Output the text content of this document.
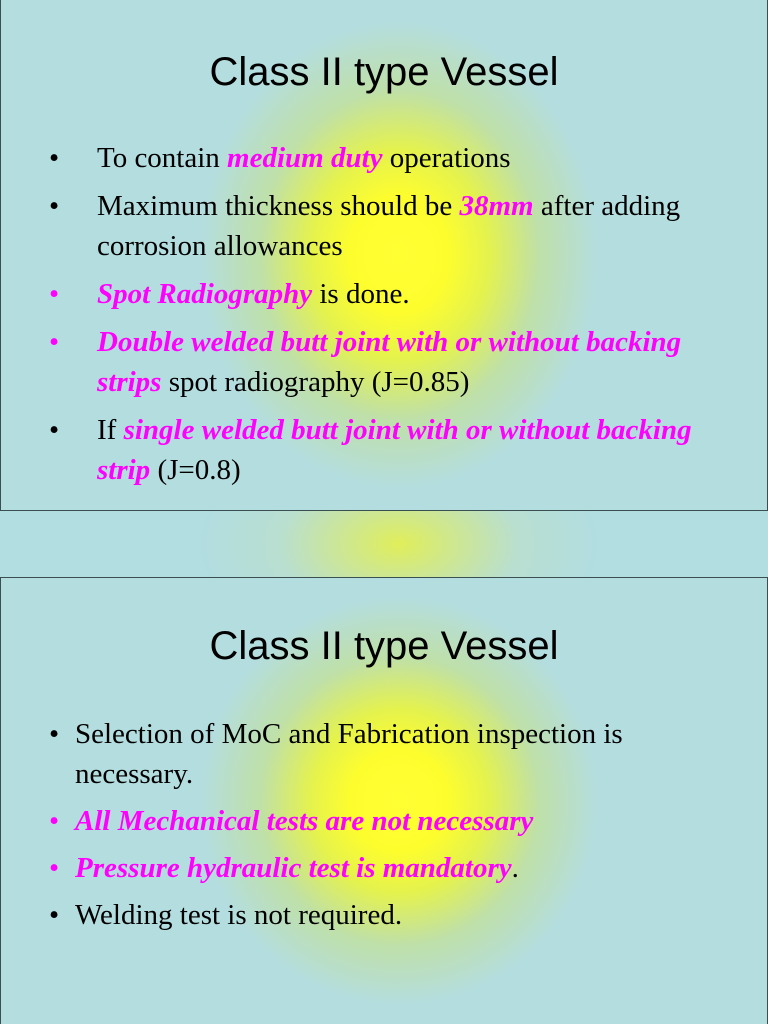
Class II type Vessel
• To contain medium duty operations
• Maximum thickness should be 38mm after adding corrosion allowances
• Spot Radiography is done.
• Double welded butt joint with or without backing strips spot radiography (J=0.85)
• If single welded butt joint with or without backing strip (J=0.8)
Class II type Vessel
• Selection of MoC and Fabrication inspection is necessary.
• All Mechanical tests are not necessary
• Pressure hydraulic test is mandatory.
• Welding test is not required.
